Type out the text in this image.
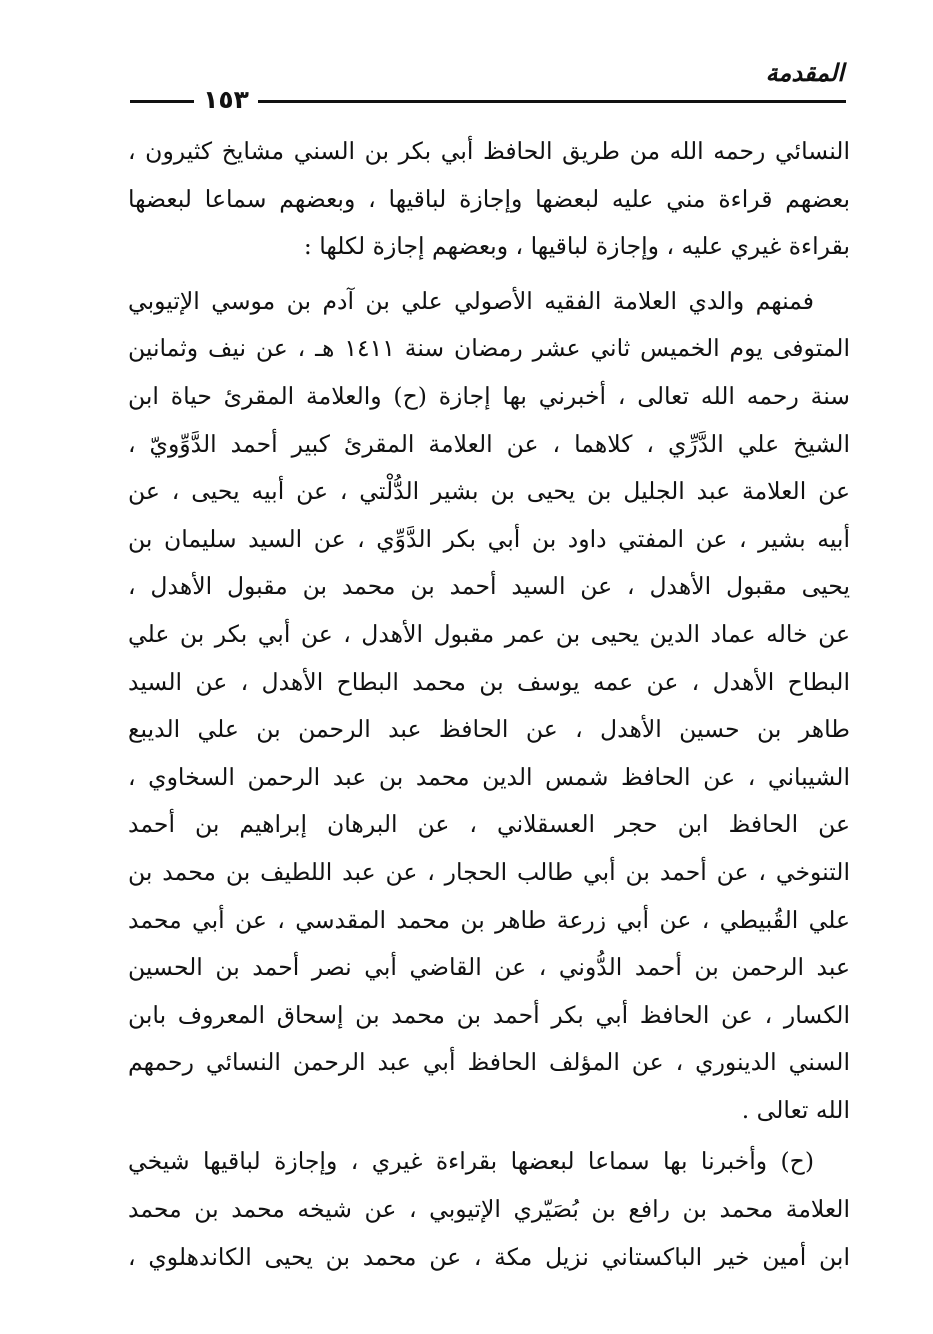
المقدمة
١٥٣

النسائي رحمه الله من طريق الحافظ أبي بكر بن السني مشايخ كثيرون ،
بعضهم قراءة مني عليه لبعضها وإجازة لباقيها ، وبعضهم سماعا لبعضها
بقراءة غيري عليه ، وإجازة لباقيها ، وبعضهم إجازة لكلها :

فمنهم والدي العلامة الفقيه الأصولي علي بن آدم بن موسي الإتيوبي
المتوفى يوم الخميس ثاني عشر رمضان سنة ١٤١١ هـ ، عن نيف وثمانين
سنة رحمه الله تعالى ، أخبرني بها إجازة (ح) والعلامة المقرئ حياة ابن
الشيخ علي الدَّرِّي ، كلاهما ، عن العلامة المقرئ كبير أحمد الدَّوِّويّ ،
عن العلامة عبد الجليل بن يحيى بن بشير الدُّلْتي ، عن أبيه يحيى ، عن
أبيه بشير ، عن المفتي داود بن أبي بكر الدَّوِّي ، عن السيد سليمان بن
يحيى مقبول الأهدل ، عن السيد أحمد بن محمد بن مقبول الأهدل ،
عن خاله عماد الدين يحيى بن عمر مقبول الأهدل ، عن أبي بكر بن علي
البطاح الأهدل ، عن عمه يوسف بن محمد البطاح الأهدل ، عن السيد
طاهر بن حسين الأهدل ، عن الحافظ عبد الرحمن بن علي الديبع
الشيباني ، عن الحافظ شمس الدين محمد بن عبد الرحمن السخاوي ،
عن الحافظ ابن حجر العسقلاني ، عن البرهان إبراهيم بن أحمد
التنوخي ، عن أحمد بن أبي طالب الحجار ، عن عبد اللطيف بن محمد بن
علي القُبيطي ، عن أبي زرعة طاهر بن محمد المقدسي ، عن أبي محمد
عبد الرحمن بن أحمد الدُّوني ، عن القاضي أبي نصر أحمد بن الحسين
الكسار ، عن الحافظ أبي بكر أحمد بن محمد بن إسحاق المعروف بابن
السني الدينوري ، عن المؤلف الحافظ أبي عبد الرحمن النسائي رحمهم
الله تعالى .

(ح) وأخبرنا بها سماعا لبعضها بقراءة غيري ، وإجازة لباقيها شيخي
العلامة محمد بن رافع بن بُصَيّري الإتيوبي ، عن شيخه محمد بن محمد
ابن أمين خير الباكستاني نزيل مكة ، عن محمد بن يحيى الكاندهلوي ،
